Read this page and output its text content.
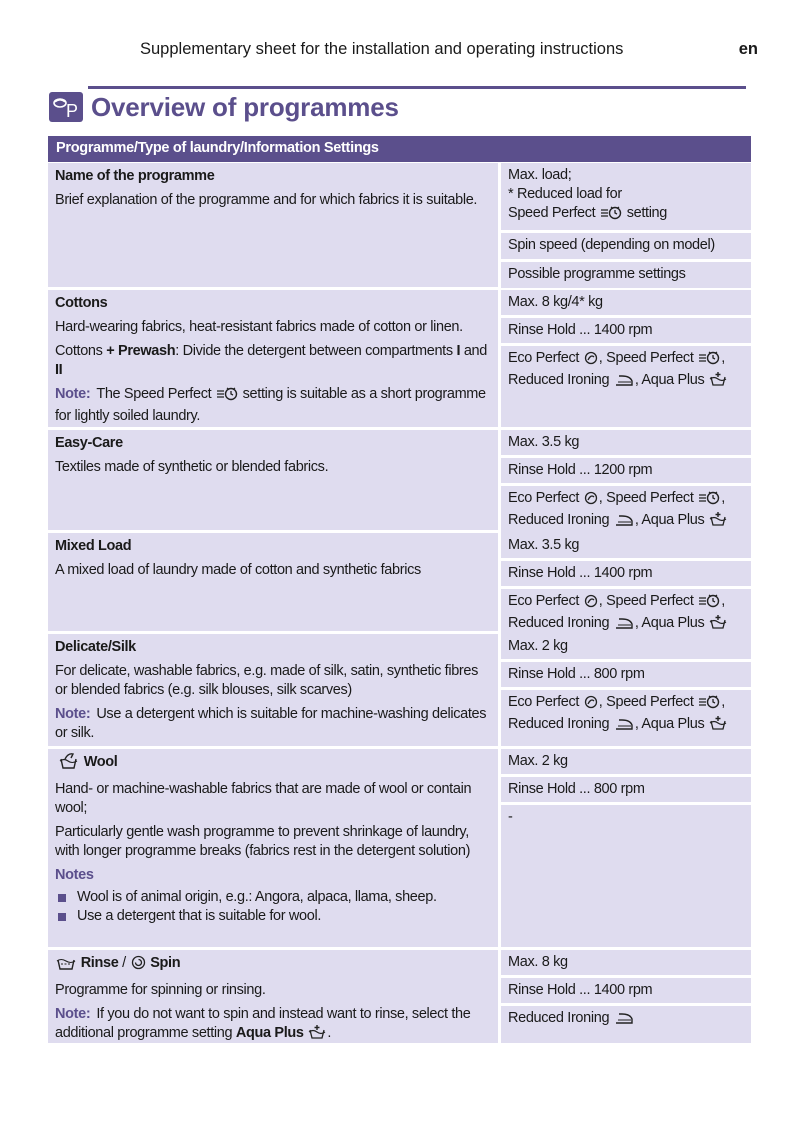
Supplementary sheet for the installation and operating instructions	en
P Overview of programmes
Programme/Type of laundry/Information Settings
Name of the programme
Brief explanation of the programme and for which fabrics it is suitable.
Max. load;
* Reduced load for
Speed Perfect setting
Spin speed (depending on model)
Possible programme settings
Cottons
Hard-wearing fabrics, heat-resistant fabrics made of cotton or linen.
Cottons + Prewash: Divide the detergent between compartments I and II
Note: The Speed Perfect setting is suitable as a short programme for lightly soiled laundry.
Max. 8 kg/4* kg
Rinse Hold ... 1400 rpm
Eco Perfect , Speed Perfect ,
Reduced Ironing , Aqua Plus
Easy-Care
Textiles made of synthetic or blended fabrics.
Max. 3.5 kg
Rinse Hold ... 1200 rpm
Eco Perfect , Speed Perfect ,
Reduced Ironing , Aqua Plus
Mixed Load
A mixed load of laundry made of cotton and synthetic fabrics
Max. 3.5 kg
Rinse Hold ... 1400 rpm
Eco Perfect , Speed Perfect ,
Reduced Ironing , Aqua Plus
Delicate/Silk
For delicate, washable fabrics, e.g. made of silk, satin, synthetic fibres or blended fabrics (e.g. silk blouses, silk scarves)
Note: Use a detergent which is suitable for machine-washing delicates or silk.
Max. 2 kg
Rinse Hold ... 800 rpm
Eco Perfect , Speed Perfect ,
Reduced Ironing , Aqua Plus
Wool
Hand- or machine-washable fabrics that are made of wool or contain wool;
Particularly gentle wash programme to prevent shrinkage of laundry, with longer programme breaks (fabrics rest in the detergent solution)
Notes
Wool is of animal origin, e.g.: Angora, alpaca, llama, sheep.
Use a detergent that is suitable for wool.
Max. 2 kg
Rinse Hold ... 800 rpm
-
Rinse / Spin
Programme for spinning or rinsing.
Note: If you do not want to spin and instead want to rinse, select the additional programme setting Aqua Plus .
Max. 8 kg
Rinse Hold ... 1400 rpm
Reduced Ironing
